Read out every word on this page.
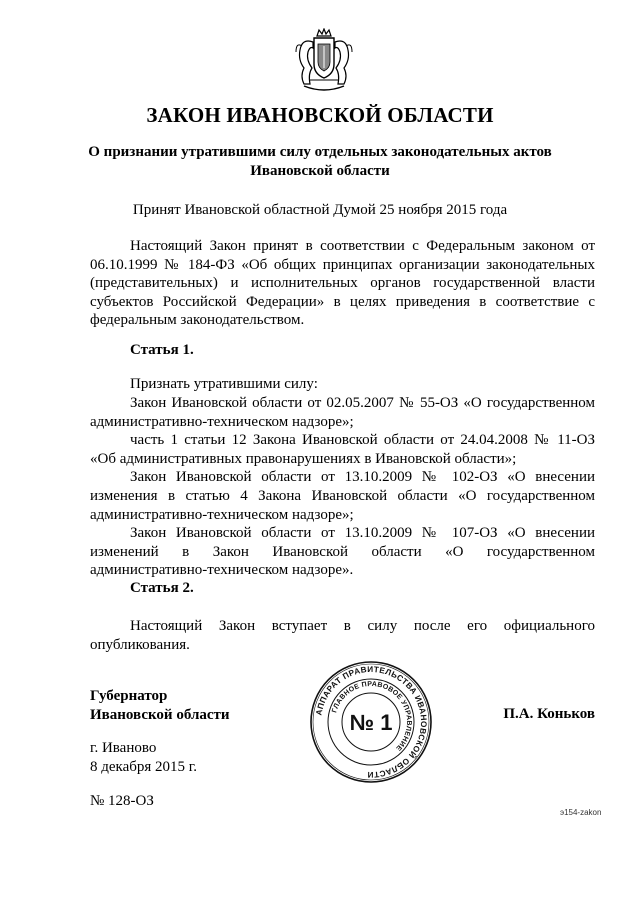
ЗАКОН ИВАНОВСКОЙ ОБЛАСТИ
О признании утратившими силу отдельных законодательных актов
Ивановской области
Принят Ивановской областной Думой 25 ноября 2015 года
Настоящий Закон принят в соответствии с Федеральным законом от 06.10.1999 № 184-ФЗ «Об общих принципах организации законодательных (представительных) и исполнительных органов государственной власти субъектов Российской Федерации» в целях приведения в соответствие с федеральным законодательством.
Статья 1.
Признать утратившими силу:
Закон Ивановской области от 02.05.2007 № 55-ОЗ «О государственном административно-техническом надзоре»;
часть 1 статьи 12 Закона Ивановской области от 24.04.2008 № 11-ОЗ «Об административных правонарушениях в Ивановской области»;
Закон Ивановской области от 13.10.2009 № 102-ОЗ «О внесении изменения в статью 4 Закона Ивановской области «О государственном административно-техническом надзоре»;
Закон Ивановской области от 13.10.2009 № 107-ОЗ «О внесении изменений в Закон Ивановской области «О государственном административно-техническом надзоре».
Статья 2.
Настоящий Закон вступает в силу после его официального опубликования.
Губернатор
Ивановской области	П.А. Коньков
г. Иваново
8 декабря 2015 г.
№ 128-ОЗ
э154-zakon
АППАРАТ ПРАВИТЕЛЬСТВА ИВАНОВСКОЙ ОБЛАСТИ
ГЛАВНОЕ ПРАВОВОЕ УПРАВЛЕНИЕ
№ 1
